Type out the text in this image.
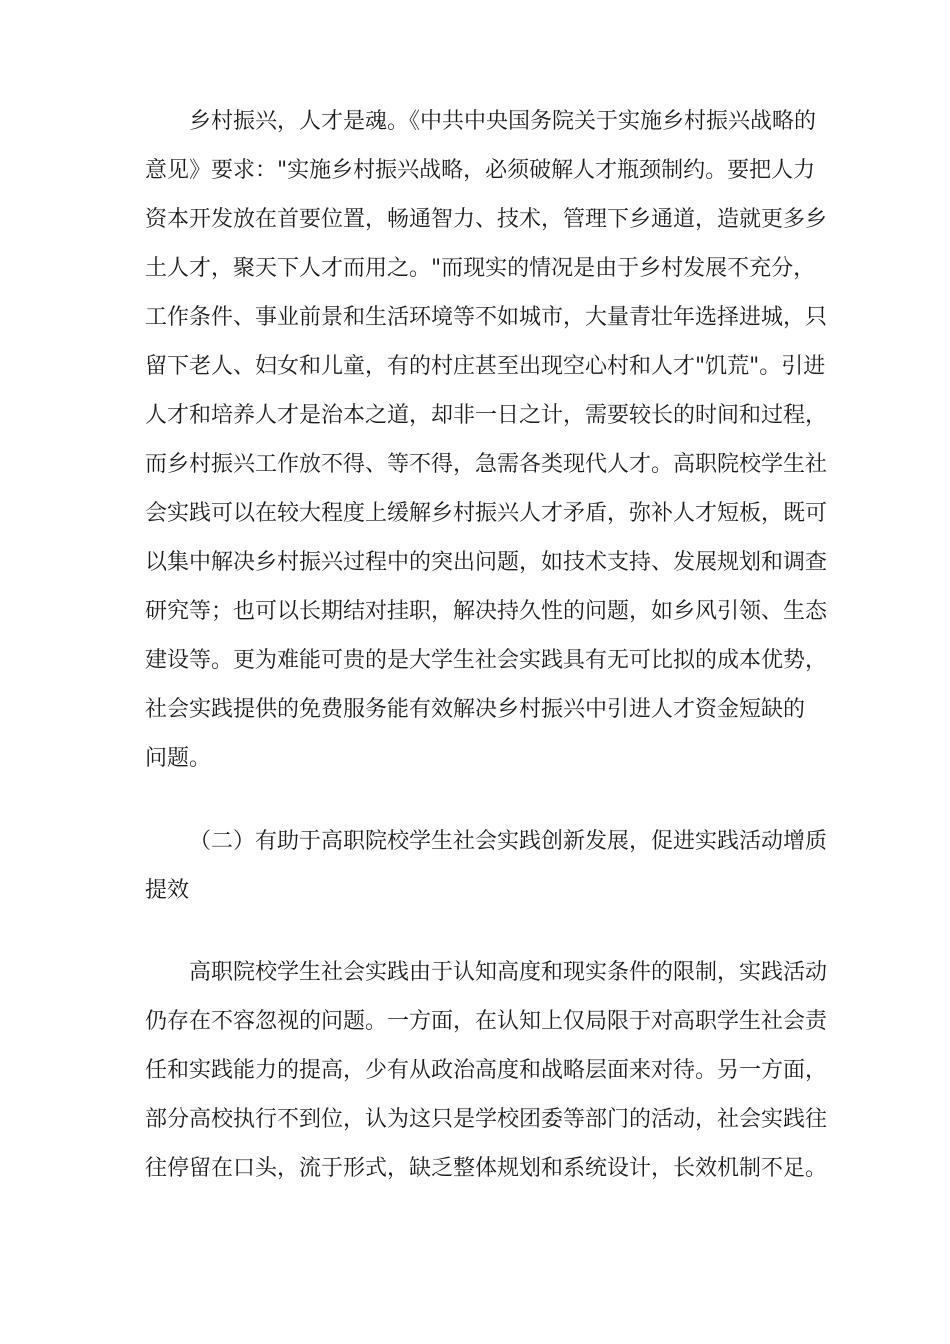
乡村振兴，人才是魂。《中共中央国务院关于实施乡村振兴战略的
意见》要求："实施乡村振兴战略，必须破解人才瓶颈制约。要把人力
资本开发放在首要位置，畅通智力、技术，管理下乡通道，造就更多乡
土人才，聚天下人才而用之。"而现实的情况是由于乡村发展不充分，
工作条件、事业前景和生活环境等不如城市，大量青壮年选择进城，只
留下老人、妇女和儿童，有的村庄甚至出现空心村和人才"饥荒"。引进
人才和培养人才是治本之道，却非一日之计，需要较长的时间和过程，
而乡村振兴工作放不得、等不得，急需各类现代人才。高职院校学生社
会实践可以在较大程度上缓解乡村振兴人才矛盾，弥补人才短板，既可
以集中解决乡村振兴过程中的突出问题，如技术支持、发展规划和调查
研究等；也可以长期结对挂职，解决持久性的问题，如乡风引领、生态
建设等。更为难能可贵的是大学生社会实践具有无可比拟的成本优势，
社会实践提供的免费服务能有效解决乡村振兴中引进人才资金短缺的
问题。
（二）有助于高职院校学生社会实践创新发展，促进实践活动增质
提效
高职院校学生社会实践由于认知高度和现实条件的限制，实践活动
仍存在不容忽视的问题。一方面，在认知上仅局限于对高职学生社会责
任和实践能力的提高，少有从政治高度和战略层面来对待。另一方面，
部分高校执行不到位，认为这只是学校团委等部门的活动，社会实践往
往停留在口头，流于形式，缺乏整体规划和系统设计，长效机制不足。
